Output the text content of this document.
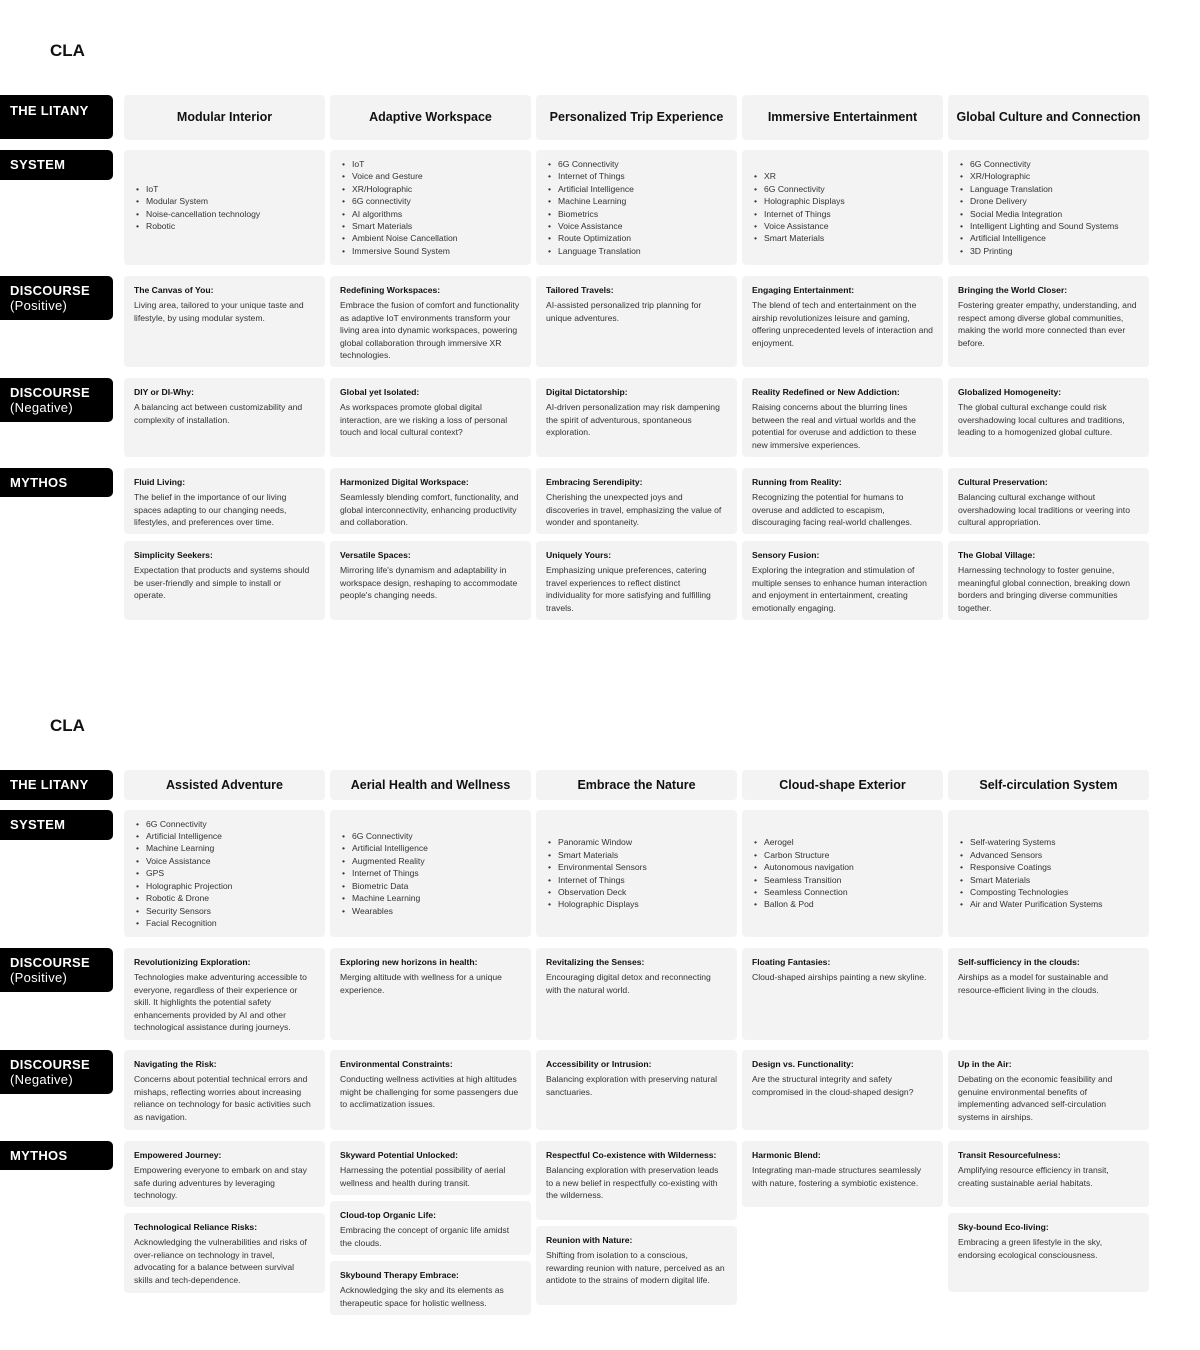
CLA
THE LITANY
SYSTEM
DISCOURSE
(Positive)
DISCOURSE
(Negative)
MYTHOS
Modular Interior
• IoT
• Modular System
• Noise-cancellation technology
• Robotic
The Canvas of You:
Living area, tailored to your unique taste and lifestyle, by using modular system.
DIY or DI-Why:
A balancing act between customizability and complexity of installation.
Fluid Living:
The belief in the importance of our living spaces adapting to our changing needs, lifestyles, and preferences over time.
Simplicity Seekers:
Expectation that products and systems should be user-friendly and simple to install or operate.
Adaptive Workspace
• IoT
• Voice and Gesture
• XR/Holographic
• 6G connectivity
• AI algorithms
• Smart Materials
• Ambient Noise Cancellation
• Immersive Sound System
Redefining Workspaces:
Embrace the fusion of comfort and functionality as adaptive IoT environments transform your living area into dynamic workspaces, powering global collaboration through immersive XR technologies.
Global yet Isolated:
As workspaces promote global digital interaction, are we risking a loss of personal touch and local cultural context?
Harmonized Digital Workspace:
Seamlessly blending comfort, functionality, and global interconnectivity, enhancing productivity and collaboration.
Versatile Spaces:
Mirroring life's dynamism and adaptability in workspace design, reshaping to accommodate people's changing needs.
Personalized Trip Experience
• 6G Connectivity
• Internet of Things
• Artificial Intelligence
• Machine Learning
• Biometrics
• Voice Assistance
• Route Optimization
• Language Translation
Tailored Travels:
AI-assisted personalized trip planning for unique adventures.
Digital Dictatorship:
AI-driven personalization may risk dampening the spirit of adventurous, spontaneous exploration.
Embracing Serendipity:
Cherishing the unexpected joys and discoveries in travel, emphasizing the value of wonder and spontaneity.
Uniquely Yours:
Emphasizing unique preferences, catering travel experiences to reflect distinct individuality for more satisfying and fulfilling travels.
Immersive Entertainment
• XR
• 6G Connectivity
• Holographic Displays
• Internet of Things
• Voice Assistance
• Smart Materials
Engaging Entertainment:
The blend of tech and entertainment on the airship revolutionizes leisure and gaming, offering unprecedented levels of interaction and enjoyment.
Reality Redefined or New Addiction:
Raising concerns about the blurring lines between the real and virtual worlds and the potential for overuse and addiction to these new immersive experiences.
Running from Reality:
Recognizing the potential for humans to overuse and addicted to escapism, discouraging facing real-world challenges.
Sensory Fusion:
Exploring the integration and stimulation of multiple senses to enhance human interaction and enjoyment in entertainment, creating emotionally engaging.
Global Culture and Connection
• 6G Connectivity
• XR/Holographic
• Language Translation
• Drone Delivery
• Social Media Integration
• Intelligent Lighting and Sound Systems
• Artificial Intelligence
• 3D Printing
Bringing the World Closer:
Fostering greater empathy, understanding, and respect among diverse global communities, making the world more connected than ever before.
Globalized Homogeneity:
The global cultural exchange could risk overshadowing local cultures and traditions, leading to a homogenized global culture.
Cultural Preservation:
Balancing cultural exchange without overshadowing local traditions or veering into cultural appropriation.
The Global Village:
Harnessing technology to foster genuine, meaningful global connection, breaking down borders and bringing diverse communities together.
CLA
THE LITANY
SYSTEM
DISCOURSE
(Positive)
DISCOURSE
(Negative)
MYTHOS
Assisted Adventure
• 6G Connectivity
• Artificial Intelligence
• Machine Learning
• Voice Assistance
• GPS
• Holographic Projection
• Robotic & Drone
• Security Sensors
• Facial Recognition
Revolutionizing Exploration:
Technologies make adventuring accessible to everyone, regardless of their experience or skill. It highlights the potential safety enhancements provided by AI and other technological assistance during journeys.
Navigating the Risk:
Concerns about potential technical errors and mishaps, reflecting worries about increasing reliance on technology for basic activities such as navigation.
Empowered Journey:
Empowering everyone to embark on and stay safe during adventures by leveraging technology.
Technological Reliance Risks:
Acknowledging the vulnerabilities and risks of over-reliance on technology in travel, advocating for a balance between survival skills and tech-dependence.
Aerial Health and Wellness
• 6G Connectivity
• Artificial Intelligence
• Augmented Reality
• Internet of Things
• Biometric Data
• Machine Learning
• Wearables
Exploring new horizons in health:
Merging altitude with wellness for a unique experience.
Environmental Constraints:
Conducting wellness activities at high altitudes might be challenging for some passengers due to acclimatization issues.
Skyward Potential Unlocked:
Harnessing the potential possibility of aerial wellness and health during transit.
Cloud-top Organic Life:
Embracing the concept of organic life amidst the clouds.
Skybound Therapy Embrace:
Acknowledging the sky and its elements as therapeutic space for holistic wellness.
Embrace the Nature
• Panoramic Window
• Smart Materials
• Environmental Sensors
• Internet of Things
• Observation Deck
• Holographic Displays
Revitalizing the Senses:
Encouraging digital detox and reconnecting with the natural world.
Accessibility or Intrusion:
Balancing exploration with preserving natural sanctuaries.
Respectful Co-existence with Wilderness:
Balancing exploration with preservation leads to a new belief in respectfully co-existing with the wilderness.
Reunion with Nature:
Shifting from isolation to a conscious, rewarding reunion with nature, perceived as an antidote to the strains of modern digital life.
Cloud-shape Exterior
• Aerogel
• Carbon Structure
• Autonomous navigation
• Seamless Transition
• Seamless Connection
• Ballon & Pod
Floating Fantasies:
Cloud-shaped airships painting a new skyline.
Design vs. Functionality:
Are the structural integrity and safety compromised in the cloud-shaped design?
Harmonic Blend:
Integrating man-made structures seamlessly with nature, fostering a symbiotic existence.
Self-circulation System
• Self-watering Systems
• Advanced Sensors
• Responsive Coatings
• Smart Materials
• Composting Technologies
• Air and Water Purification Systems
Self-sufficiency in the clouds:
Airships as a model for sustainable and resource-efficient living in the clouds.
Up in the Air:
Debating on the economic feasibility and genuine environmental benefits of implementing advanced self-circulation systems in airships.
Transit Resourcefulness:
Amplifying resource efficiency in transit, creating sustainable aerial habitats.
Sky-bound Eco-living:
Embracing a green lifestyle in the sky, endorsing ecological consciousness.
